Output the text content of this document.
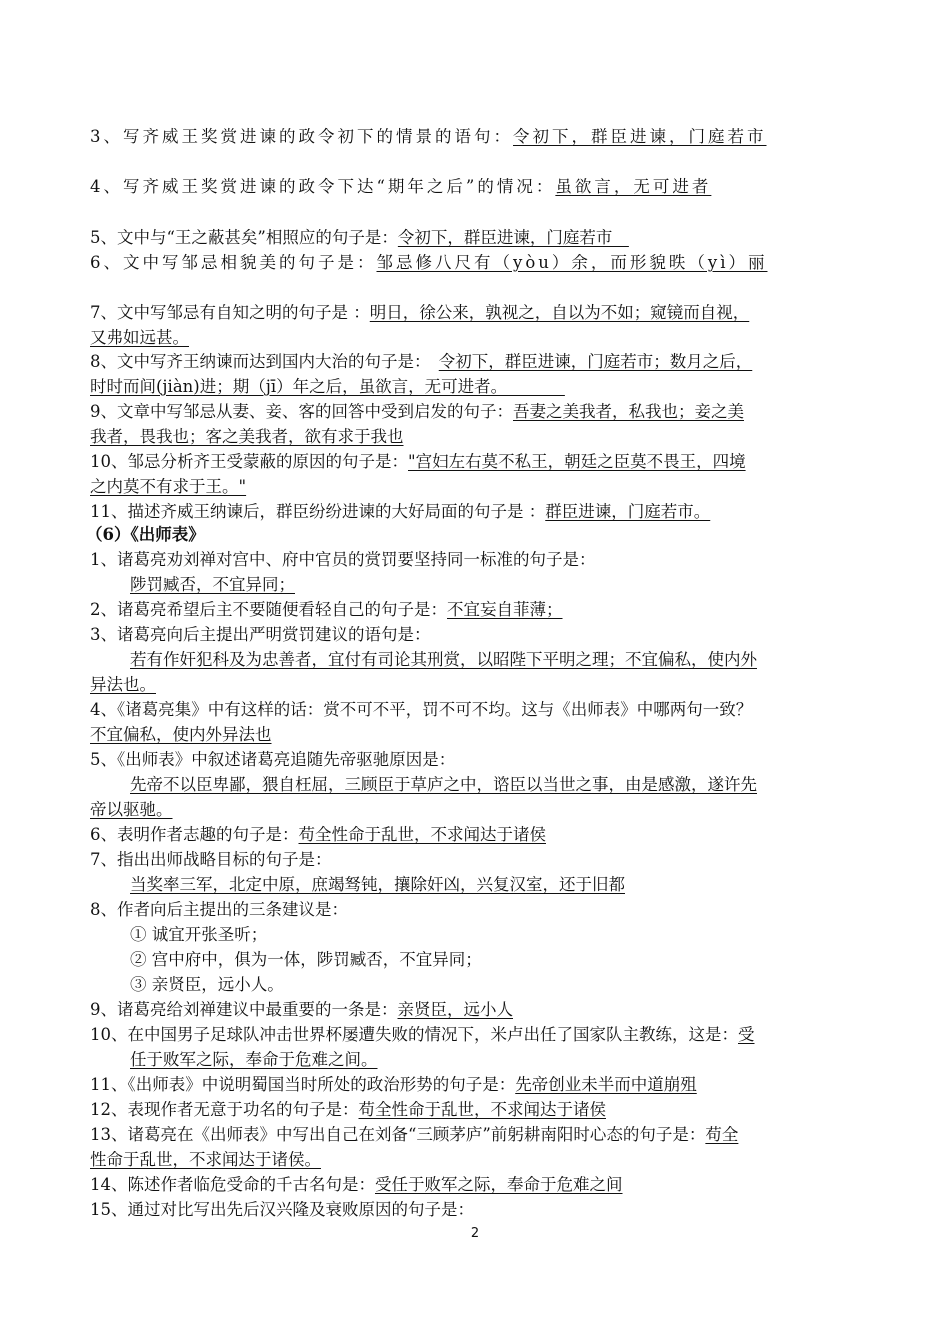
3、写齐威王奖赏进谏的政令初下的情景的语句：令初下，群臣进谏，门庭若市
4、写齐威王奖赏进谏的政令下达“期年之后”的情况：虽欲言，无可进者
5、文中与“王之蔽甚矣”相照应的句子是：令初下，群臣进谏，门庭若市　
6、文中写邹忌相貌美的句子是：邹忌修八尺有（yòu）余，而形貌昳（yì）丽
7、文中写邹忌有自知之明的句子是 ：明日，徐公来，孰视之，自以为不如；窥镜而自视，
又弗如远甚。
8、文中写齐王纳谏而达到国内大治的句子是：　令初下，群臣进谏，门庭若市；数月之后，
时时而间(jiàn)进；期（jī）年之后，虽欲言，无可进者。　　　　
9、文章中写邹忌从妻、妾、客的回答中受到启发的句子：吾妻之美我者，私我也；妾之美
我者，畏我也；客之美我者，欲有求于我也
10、邹忌分析齐王受蒙蔽的原因的句子是："宫妇左右莫不私王，朝廷之臣莫不畏王，四境
之内莫不有求于王。"
11、描述齐威王纳谏后，群臣纷纷进谏的大好局面的句子是 ：群臣进谏，门庭若市。
（6）《出师表》
1、诸葛亮劝刘禅对宫中、府中官员的赏罚要坚持同一标准的句子是：
陟罚臧否，不宜异同；
2、诸葛亮希望后主不要随便看轻自己的句子是：不宜妄自菲薄；
3、诸葛亮向后主提出严明赏罚建议的语句是：
若有作奸犯科及为忠善者，宜付有司论其刑赏，以昭陛下平明之理；不宜偏私，使内外
异法也。
4、《诸葛亮集》中有这样的话：赏不可不平，罚不可不均。这与《出师表》中哪两句一致？
不宜偏私，使内外异法也
5、《出师表》中叙述诸葛亮追随先帝驱驰原因是：
先帝不以臣卑鄙，猥自枉屈，三顾臣于草庐之中，谘臣以当世之事，由是感激，遂许先
帝以驱驰。
6、表明作者志趣的句子是：苟全性命于乱世，不求闻达于诸侯
7、指出出师战略目标的句子是：
当奖率三军，北定中原，庶竭驽钝，攘除奸凶，兴复汉室，还于旧都
8、作者向后主提出的三条建议是：
① 诚宜开张圣听；
② 宫中府中，俱为一体，陟罚臧否，不宜异同；
③ 亲贤臣，远小人。
9、诸葛亮给刘禅建议中最重要的一条是：亲贤臣，远小人
10、在中国男子足球队冲击世界杯屡遭失败的情况下，米卢出任了国家队主教练，这是：受
任于败军之际，奉命于危难之间。
11、《出师表》中说明蜀国当时所处的政治形势的句子是：先帝创业未半而中道崩殂
12、表现作者无意于功名的句子是：苟全性命于乱世，不求闻达于诸侯
13、诸葛亮在《出师表》中写出自己在刘备“三顾茅庐”前躬耕南阳时心态的句子是：苟全
性命于乱世，不求闻达于诸侯。
14、陈述作者临危受命的千古名句是：受任于败军之际，奉命于危难之间
15、通过对比写出先后汉兴隆及衰败原因的句子是：
2
